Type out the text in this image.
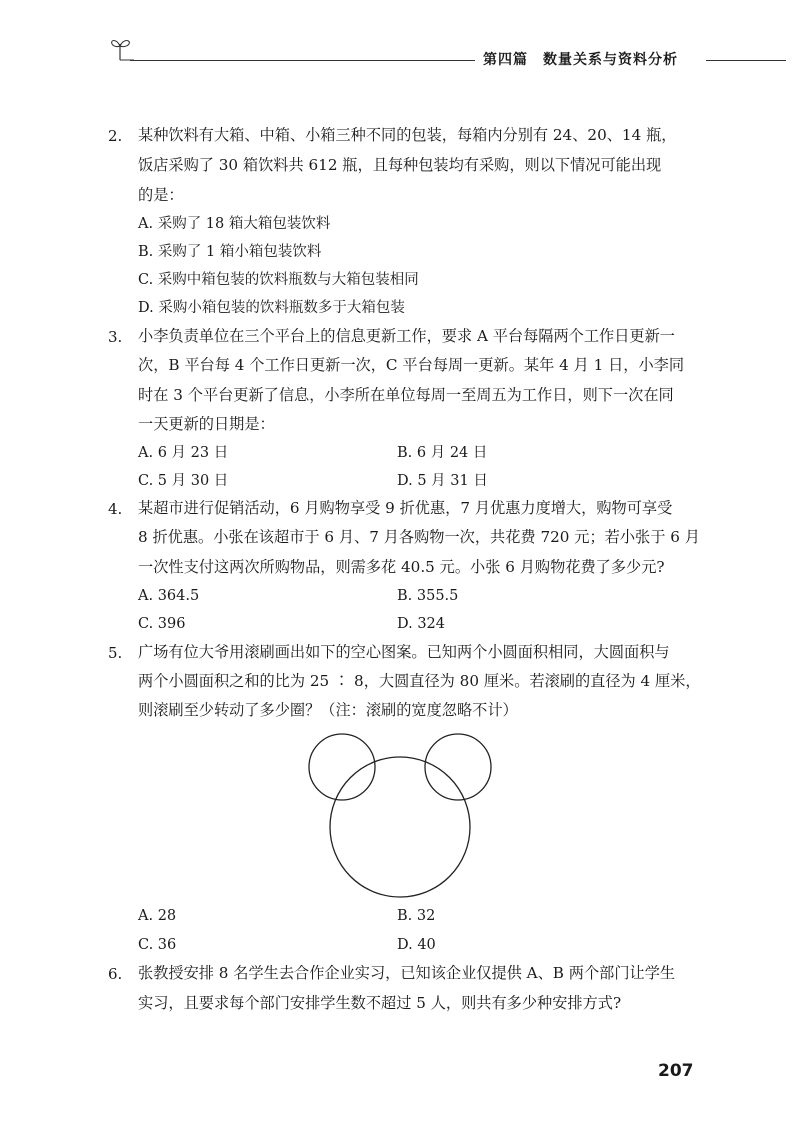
第四篇　数量关系与资料分析
2. 某种饮料有大箱、中箱、小箱三种不同的包装，每箱内分别有 24、20、14 瓶，
饭店采购了 30 箱饮料共 612 瓶，且每种包装均有采购，则以下情况可能出现
的是：
A. 采购了 18 箱大箱包装饮料
B. 采购了 1 箱小箱包装饮料
C. 采购中箱包装的饮料瓶数与大箱包装相同
D. 采购小箱包装的饮料瓶数多于大箱包装
3. 小李负责单位在三个平台上的信息更新工作，要求 A 平台每隔两个工作日更新一
次，B 平台每 4 个工作日更新一次，C 平台每周一更新。某年 4 月 1 日，小李同
时在 3 个平台更新了信息，小李所在单位每周一至周五为工作日，则下一次在同
一天更新的日期是：
A. 6 月 23 日	B. 6 月 24 日
C. 5 月 30 日	D. 5 月 31 日
4. 某超市进行促销活动，6 月购物享受 9 折优惠，7 月优惠力度增大，购物可享受
8 折优惠。小张在该超市于 6 月、7 月各购物一次，共花费 720 元；若小张于 6 月
一次性支付这两次所购物品，则需多花 40.5 元。小张 6 月购物花费了多少元?
A. 364.5	B. 355.5
C. 396	D. 324
5. 广场有位大爷用滚刷画出如下的空心图案。已知两个小圆面积相同，大圆面积与
两个小圆面积之和的比为 25 ∶ 8，大圆直径为 80 厘米。若滚刷的直径为 4 厘米，
则滚刷至少转动了多少圈？（注：滚刷的宽度忽略不计）
A. 28	B. 32
C. 36	D. 40
6. 张教授安排 8 名学生去合作企业实习，已知该企业仅提供 A、B 两个部门让学生
实习，且要求每个部门安排学生数不超过 5 人，则共有多少种安排方式?
207
